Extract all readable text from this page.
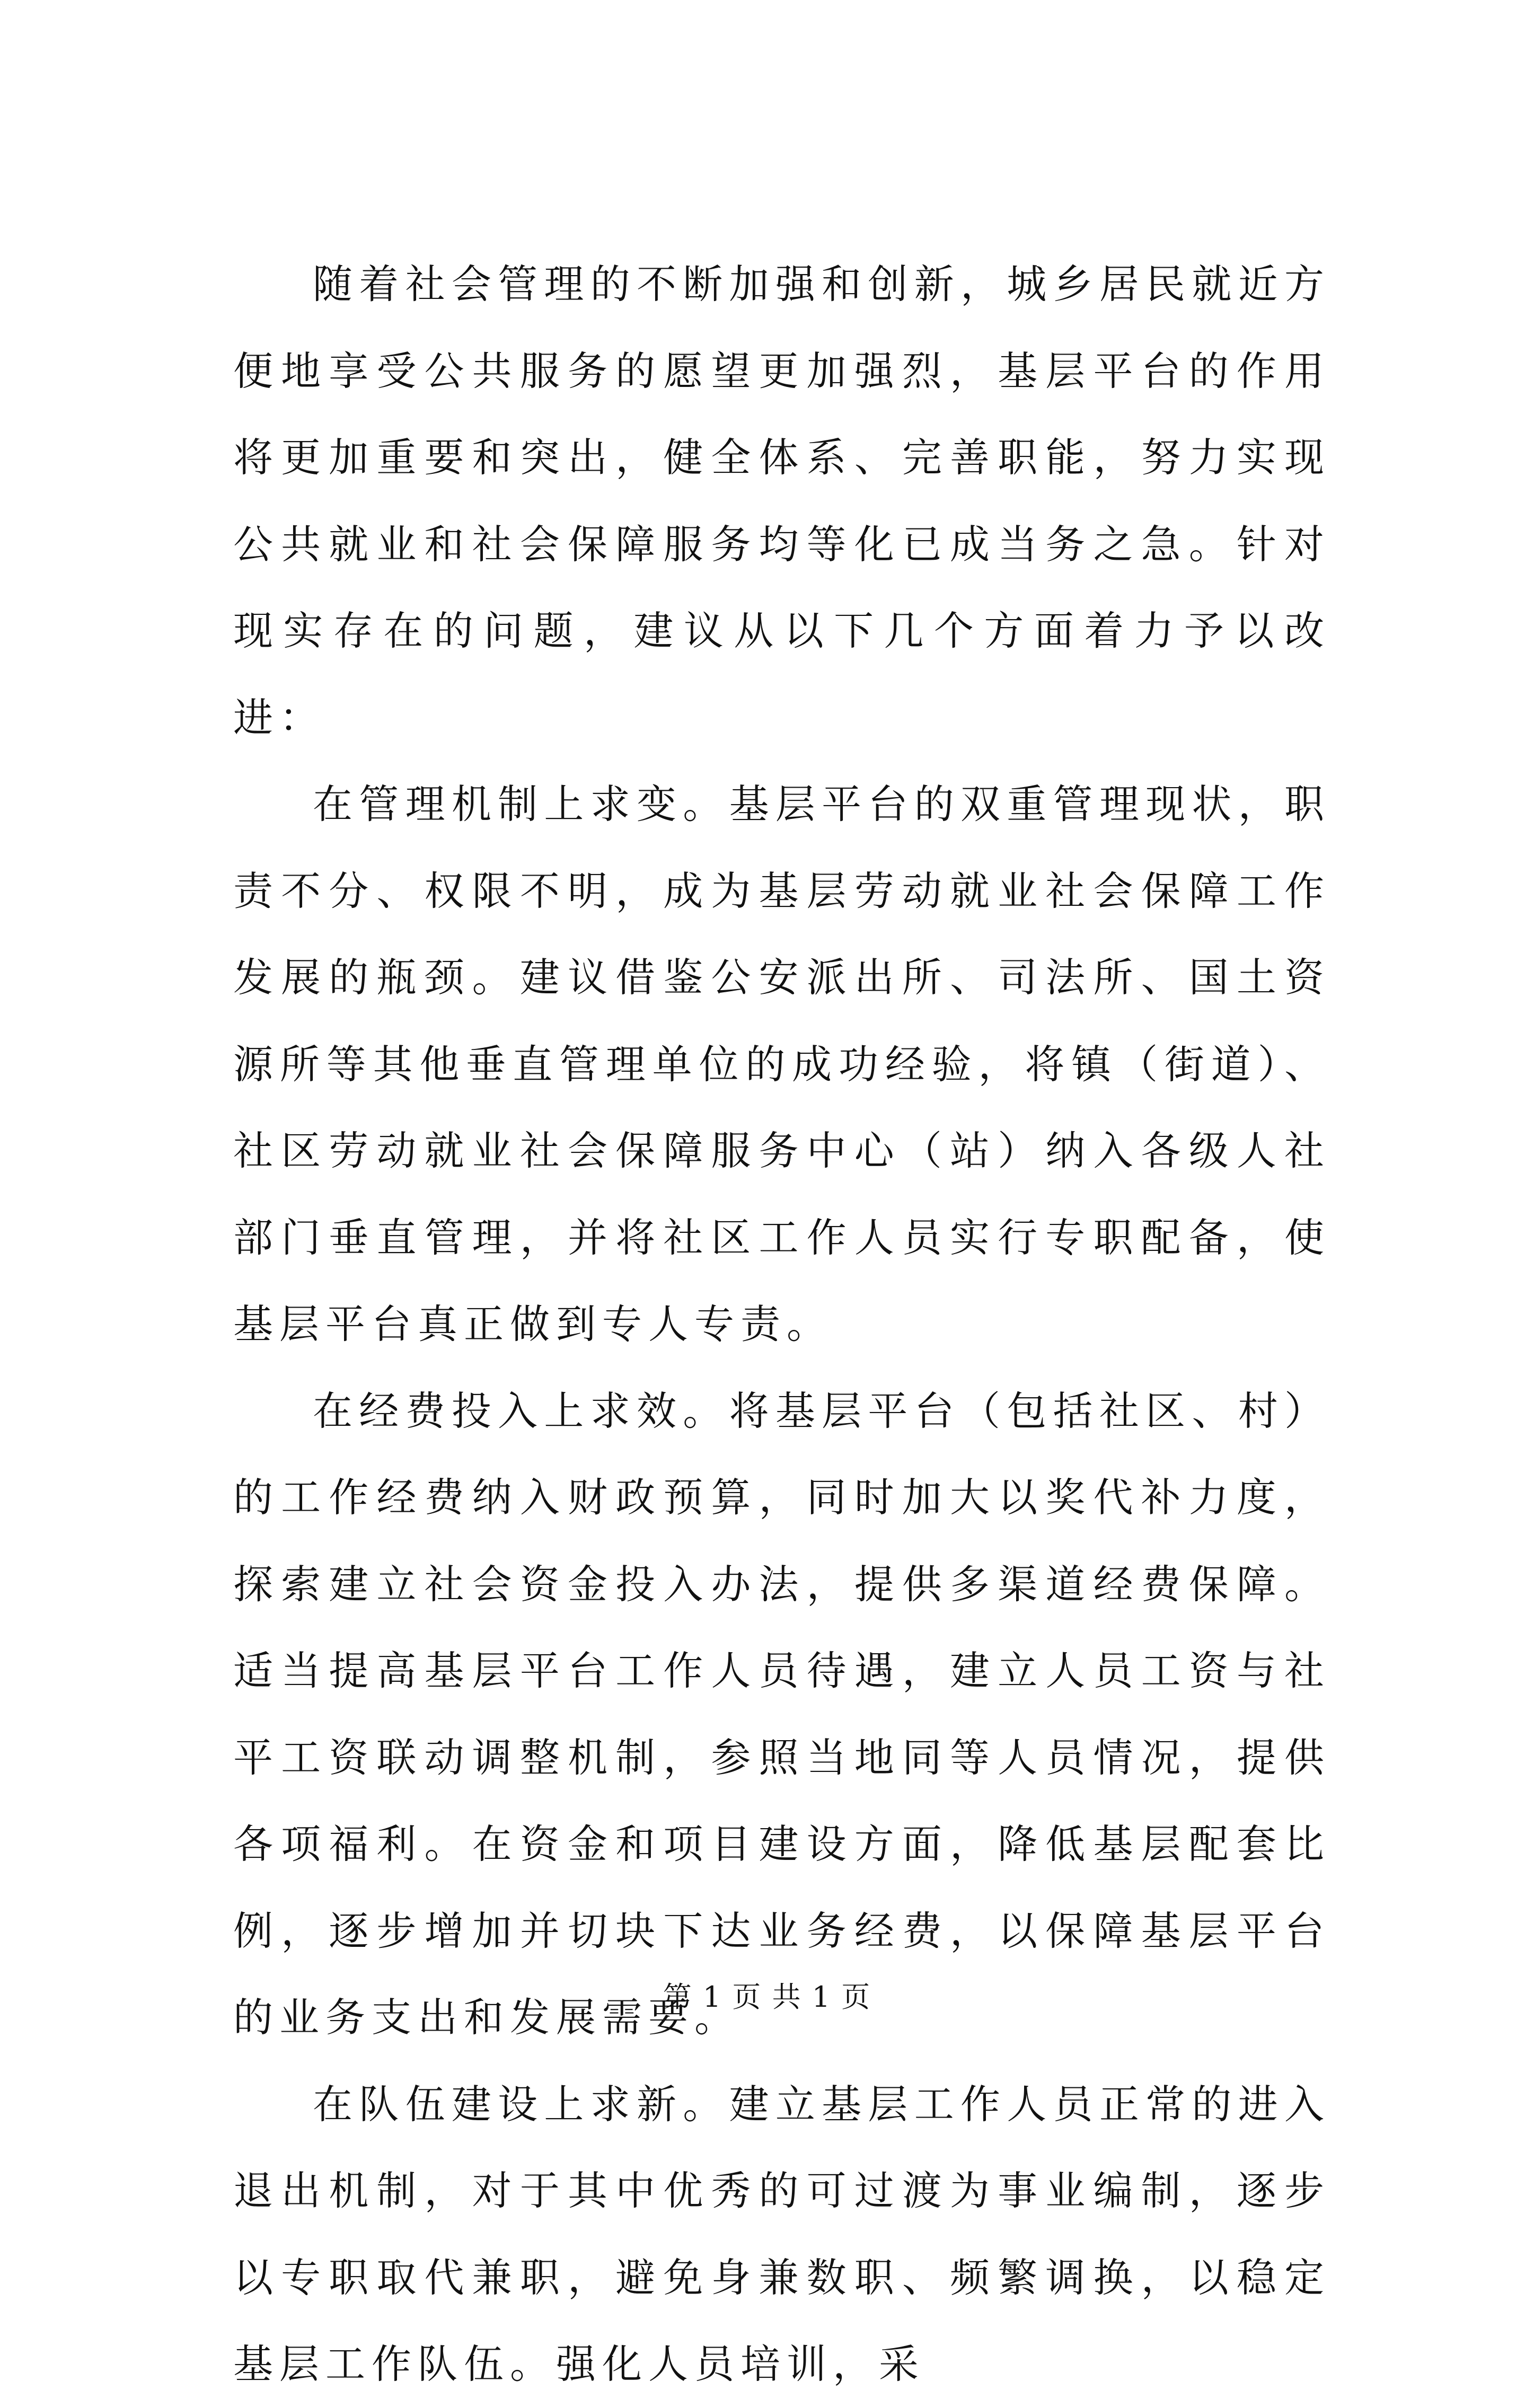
随着社会管理的不断加强和创新，城乡居民就近方便地享受公共服务的愿望更加强烈，基层平台的作用将更加重要和突出，健全体系、完善职能，努力实现公共就业和社会保障服务均等化已成当务之急。针对现实存在的问题，建议从以下几个方面着力予以改进：

在管理机制上求变。基层平台的双重管理现状，职责不分、权限不明，成为基层劳动就业社会保障工作发展的瓶颈。建议借鉴公安派出所、司法所、国土资源所等其他垂直管理单位的成功经验，将镇（街道）、社区劳动就业社会保障服务中心（站）纳入各级人社部门垂直管理，并将社区工作人员实行专职配备，使基层平台真正做到专人专责。

在经费投入上求效。将基层平台（包括社区、村）的工作经费纳入财政预算，同时加大以奖代补力度，探索建立社会资金投入办法，提供多渠道经费保障。适当提高基层平台工作人员待遇，建立人员工资与社平工资联动调整机制，参照当地同等人员情况，提供各项福利。在资金和项目建设方面，降低基层配套比例，逐步增加并切块下达业务经费，以保障基层平台的业务支出和发展需要。

在队伍建设上求新。建立基层工作人员正常的进入退出机制，对于其中优秀的可过渡为事业编制，逐步以专职取代兼职，避免身兼数职、频繁调换，以稳定基层工作队伍。强化人员培训，采

第 1 页 共 1 页
